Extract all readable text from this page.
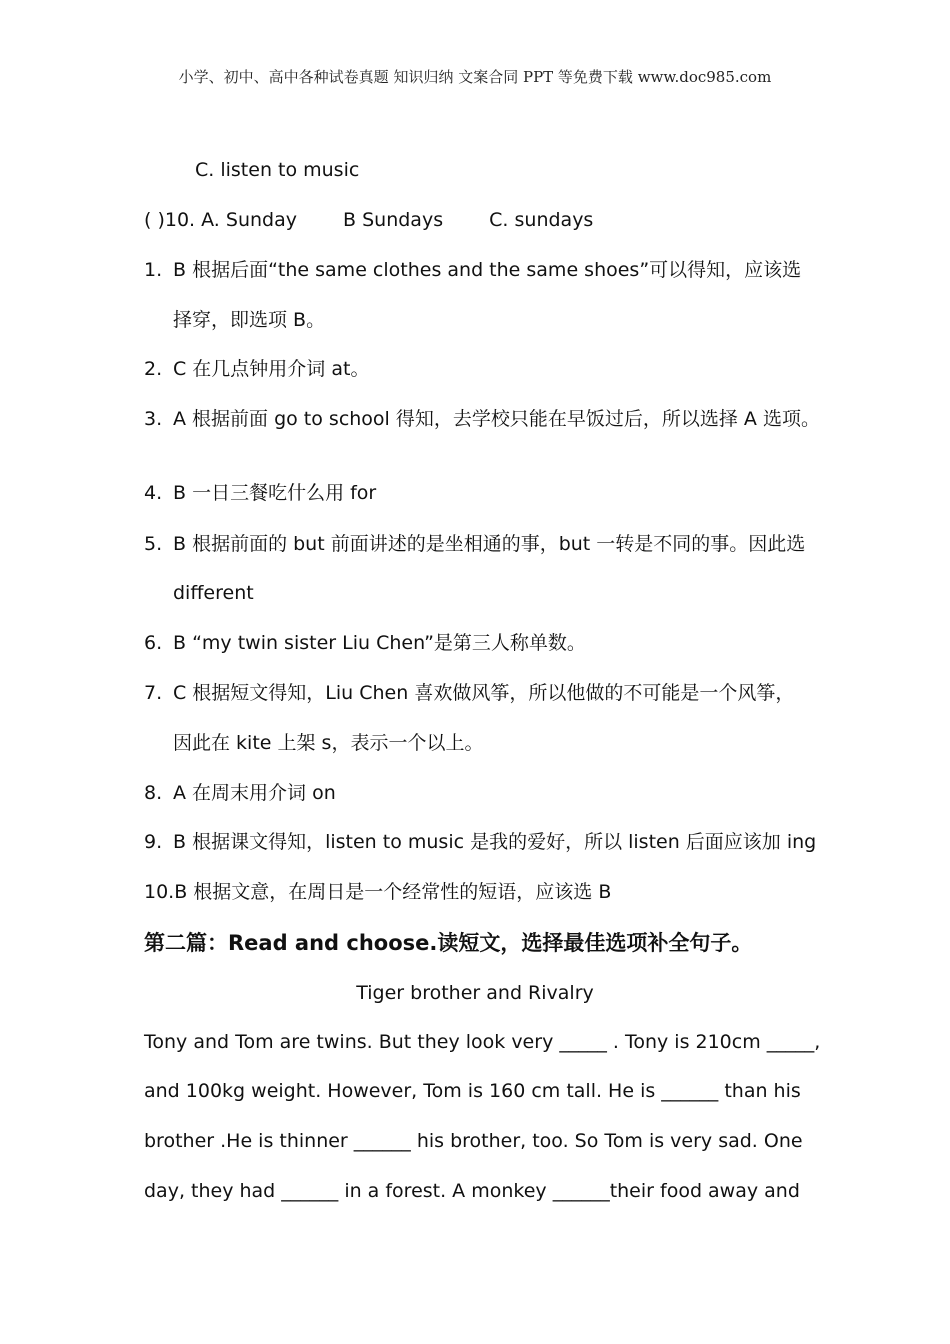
小学、初中、高中各种试卷真题 知识归纳 文案合同 PPT 等免费下载 www.doc985.com
C. listen to music
( )10. A. Sunday B Sundays C. sundays
1. B 根据后面“the same clothes and the same shoes”可以得知，应该选
择穿，即选项 B。
2. C 在几点钟用介词 at。
3. A 根据前面 go to school 得知，去学校只能在早饭过后，所以选择 A 选项。
4. B 一日三餐吃什么用 for
5. B 根据前面的 but 前面讲述的是坐相通的事，but 一转是不同的事。因此选
different
6. B “my twin sister Liu Chen”是第三人称单数。
7. C 根据短文得知，Liu Chen 喜欢做风筝，所以他做的不可能是一个风筝，
因此在 kite 上架 s，表示一个以上。
8. A 在周末用介词 on
9. B 根据课文得知，listen to music 是我的爱好，所以 listen 后面应该加 ing
10.B 根据文意，在周日是一个经常性的短语，应该选 B
第二篇：Read and choose.读短文，选择最佳选项补全句子。
Tiger brother and Rivalry
Tony and Tom are twins. But they look very _____ . Tony is 210cm _____,
and 100kg weight. However, Tom is 160 cm tall. He is ______ than his
brother .He is thinner ______ his brother, too. So Tom is very sad. One
day, they had ______ in a forest. A monkey ______their food away and
